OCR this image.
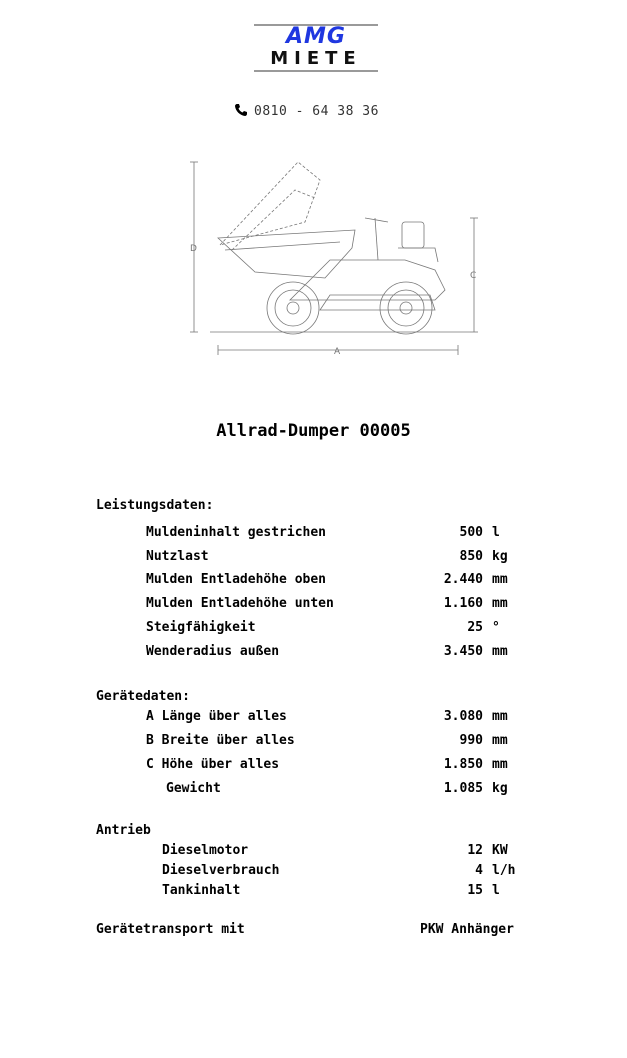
AMG
MIETE
0810 - 64 38 36
D
C
A
Allrad-Dumper 00005
Leistungsdaten:
Muldeninhalt gestrichen	500 l
Nutzlast	850 kg
Mulden Entladehöhe oben	2.440 mm
Mulden Entladehöhe unten	1.160 mm
Steigfähigkeit	25 °
Wenderadius außen	3.450 mm
Gerätedaten:
A Länge über alles	3.080 mm
B Breite über alles	990 mm
C Höhe über alles	1.850 mm
Gewicht	1.085 kg
Antrieb
Dieselmotor	12 KW
Dieselverbrauch	4 l/h
Tankinhalt	15 l
Gerätetransport mit	PKW Anhänger
